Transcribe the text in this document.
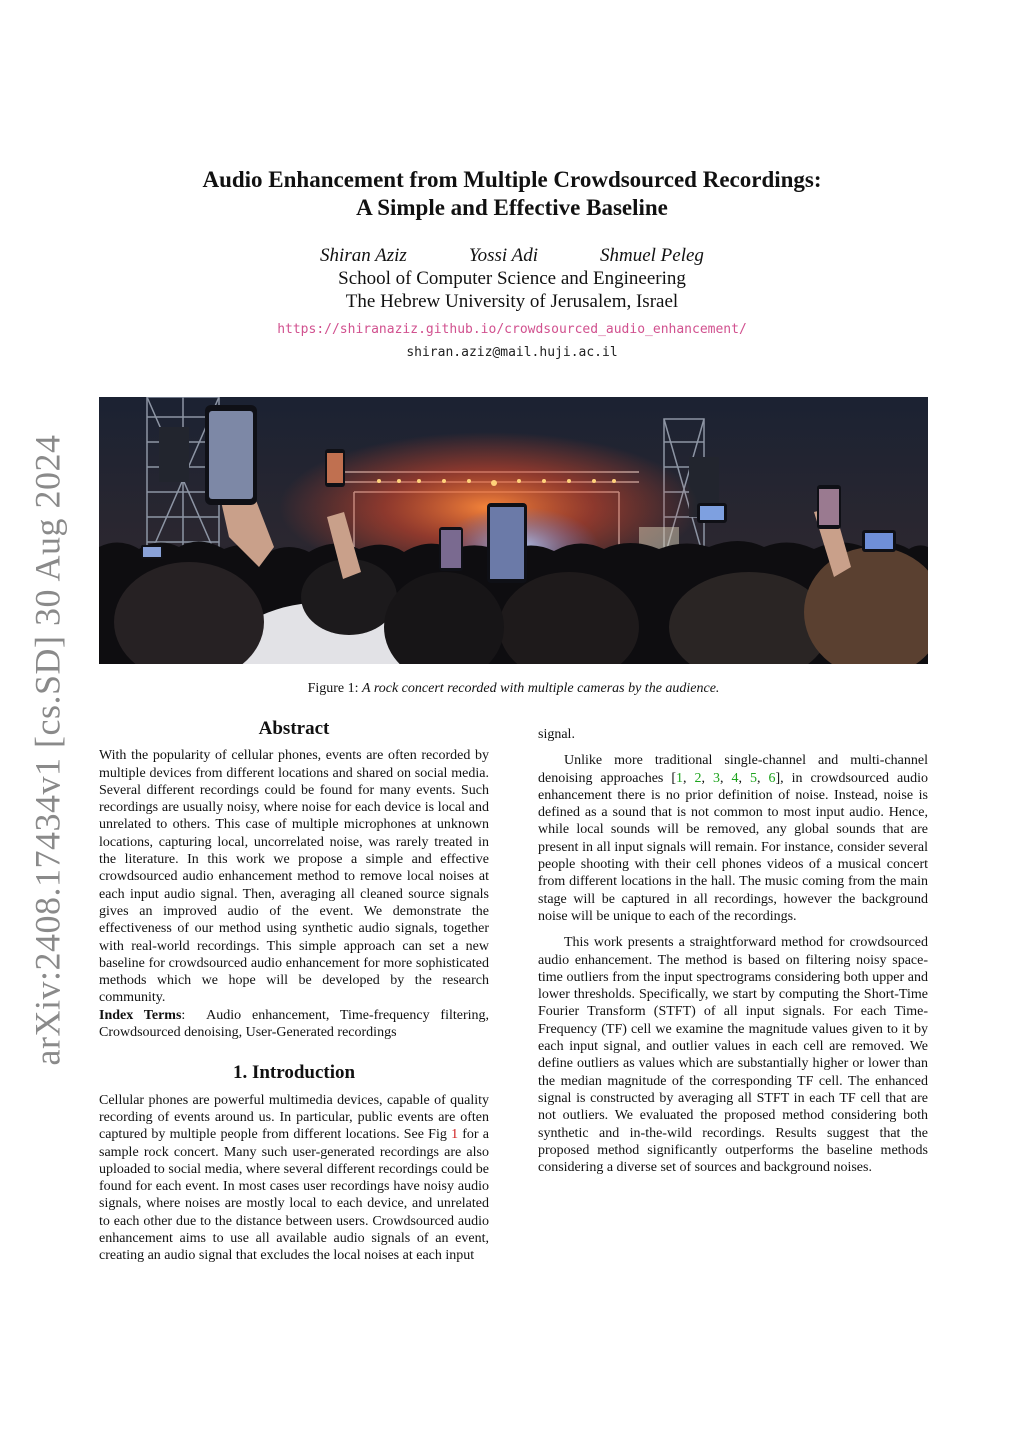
arXiv:2408.17434v1 [cs.SD] 30 Aug 2024
Audio Enhancement from Multiple Crowdsourced Recordings:
A Simple and Effective Baseline
Shiran Aziz	Yossi Adi	Shmuel Peleg
School of Computer Science and Engineering
The Hebrew University of Jerusalem, Israel
https://shiranaziz.github.io/crowdsourced_audio_enhancement/
shiran.aziz@mail.huji.ac.il
Figure 1: A rock concert recorded with multiple cameras by the audience.
Abstract

With the popularity of cellular phones, events are often recorded by multiple devices from different locations and shared on social media. Several different recordings could be found for many events. Such recordings are usually noisy, where noise for each device is local and unrelated to others. This case of multiple microphones at unknown locations, capturing local, uncorrelated noise, was rarely treated in the literature. In this work we propose a simple and effective crowdsourced audio enhancement method to remove local noises at each input audio signal. Then, averaging all cleaned source signals gives an improved audio of the event. We demonstrate the effectiveness of our method using synthetic audio signals, together with real-world recordings. This simple approach can set a new baseline for crowdsourced audio enhancement for more sophisticated methods which we hope will be developed by the research community.

Index Terms:  Audio enhancement, Time-frequency filtering, Crowdsourced denoising, User-Generated recordings

1. Introduction

Cellular phones are powerful multimedia devices, capable of quality recording of events around us. In particular, public events are often captured by multiple people from different locations. See Fig 1 for a sample rock concert. Many such user-generated recordings are also uploaded to social media, where several different recordings could be found for each event. In most cases user recordings have noisy audio signals, where noises are mostly local to each device, and unrelated to each other due to the distance between users. Crowdsourced audio enhancement aims to use all available audio signals of an event, creating an audio signal that excludes the local noises at each input

signal.

Unlike more traditional single-channel and multi-channel denoising approaches [1, 2, 3, 4, 5, 6], in crowdsourced audio enhancement there is no prior definition of noise. Instead, noise is defined as a sound that is not common to most input audio. Hence, while local sounds will be removed, any global sounds that are present in all input signals will remain. For instance, consider several people shooting with their cell phones videos of a musical concert from different locations in the hall. The music coming from the main stage will be captured in all recordings, however the background noise will be unique to each of the recordings.

This work presents a straightforward method for crowdsourced audio enhancement. The method is based on filtering noisy space-time outliers from the input spectrograms considering both upper and lower thresholds. Specifically, we start by computing the Short-Time Fourier Transform (STFT) of all input signals. For each Time-Frequency (TF) cell we examine the magnitude values given to it by each input signal, and outlier values in each cell are removed. We define outliers as values which are substantially higher or lower than the median magnitude of the corresponding TF cell. The enhanced signal is constructed by averaging all STFT in each TF cell that are not outliers. We evaluated the proposed method considering both synthetic and in-the-wild recordings. Results suggest that the proposed method significantly outperforms the baseline methods considering a diverse set of sources and background noises.
